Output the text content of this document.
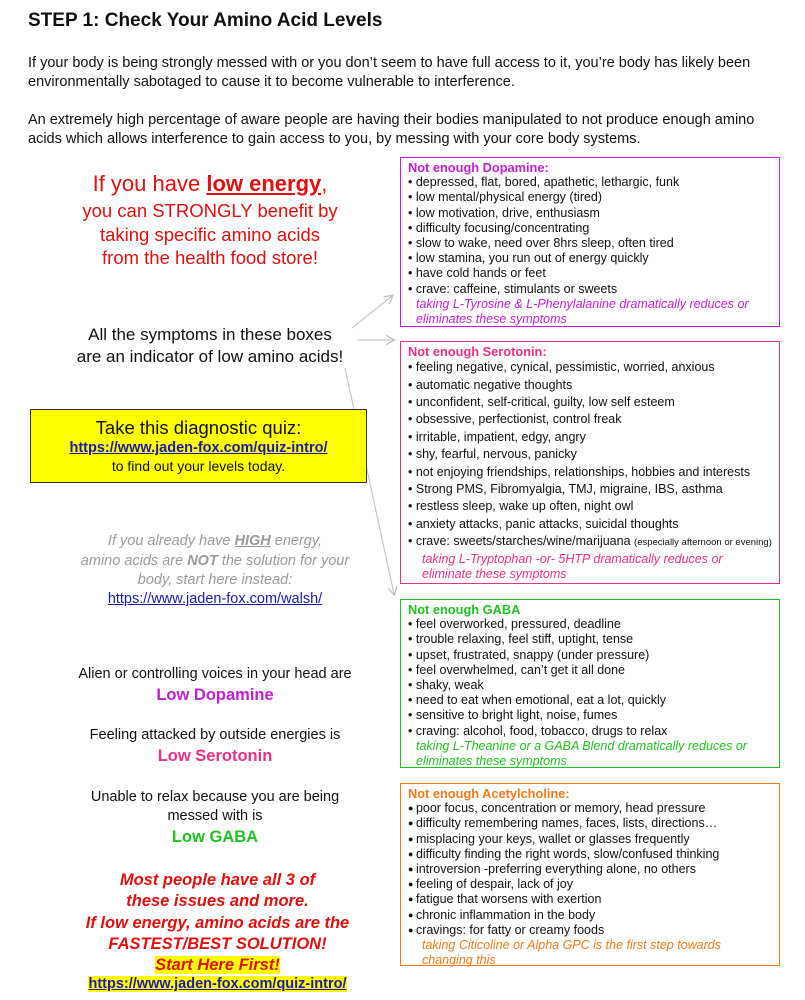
STEP 1: Check Your Amino Acid Levels

If your body is being strongly messed with or you don’t seem to have full access to it, you’re body has likely been environmentally sabotaged to cause it to become vulnerable to interference.

An extremely high percentage of aware people are having their bodies manipulated to not produce enough amino acids which allows interference to gain access to you, by messing with your core body systems.

If you have low energy,
you can STRONGLY benefit by
taking specific amino acids
from the health food store!
All the symptoms in these boxes
are an indicator of low amino acids!
Take this diagnostic quiz:
https://www.jaden-fox.com/quiz-intro/
to find out your levels today.
If you already have HIGH energy,
amino acids are NOT the solution for your
body, start here instead:
https://www.jaden-fox.com/walsh/
Alien or controlling voices in your head are
Low Dopamine
Feeling attacked by outside energies is
Low Serotonin
Unable to relax because you are being
messed with is
Low GABA
Most people have all 3 of
these issues and more.
If low energy, amino acids are the
FASTEST/BEST SOLUTION!
Start Here First!
https://www.jaden-fox.com/quiz-intro/
Not enough Dopamine:
• depressed, flat, bored, apathetic, lethargic, funk
• low mental/physical energy (tired)
• low motivation, drive, enthusiasm
• difficulty focusing/concentrating
• slow to wake, need over 8hrs sleep, often tired
• low stamina, you run out of energy quickly
• have cold hands or feet
• crave: caffeine, stimulants or sweets
taking L-Tyrosine & L-Phenylalanine dramatically reduces or eliminates these symptoms
Not enough Serotonin:
• feeling negative, cynical, pessimistic, worried, anxious
• automatic negative thoughts
• unconfident, self-critical, guilty, low self esteem
• obsessive, perfectionist, control freak
• irritable, impatient, edgy, angry
• shy, fearful, nervous, panicky
• not enjoying friendships, relationships, hobbies and interests
• Strong PMS, Fibromyalgia, TMJ, migraine, IBS, asthma
• restless sleep, wake up often, night owl
• anxiety attacks, panic attacks, suicidal thoughts
• crave: sweets/starches/wine/marijuana (especially afternoon or evening)
taking L-Tryptophan -or- 5HTP dramatically reduces or eliminate these symptoms
Not enough GABA
• feel overworked, pressured, deadline
• trouble relaxing, feel stiff, uptight, tense
• upset, frustrated, snappy (under pressure)
• feel overwhelmed, can’t get it all done
• shaky, weak
• need to eat when emotional, eat a lot, quickly
• sensitive to bright light, noise, fumes
• craving: alcohol, food, tobacco, drugs to relax
taking L-Theanine or a GABA Blend dramatically reduces or eliminates these symptoms
Not enough Acetylcholine:
● poor focus, concentration or memory, head pressure
● difficulty remembering names, faces, lists, directions…
● misplacing your keys, wallet or glasses frequently
● difficulty finding the right words, slow/confused thinking
● introversion -preferring everything alone, no others
● feeling of despair, lack of joy
● fatigue that worsens with exertion
● chronic inflammation in the body
● cravings: for fatty or creamy foods
taking Citicoline or Alpha GPC is the first step towards changing this
